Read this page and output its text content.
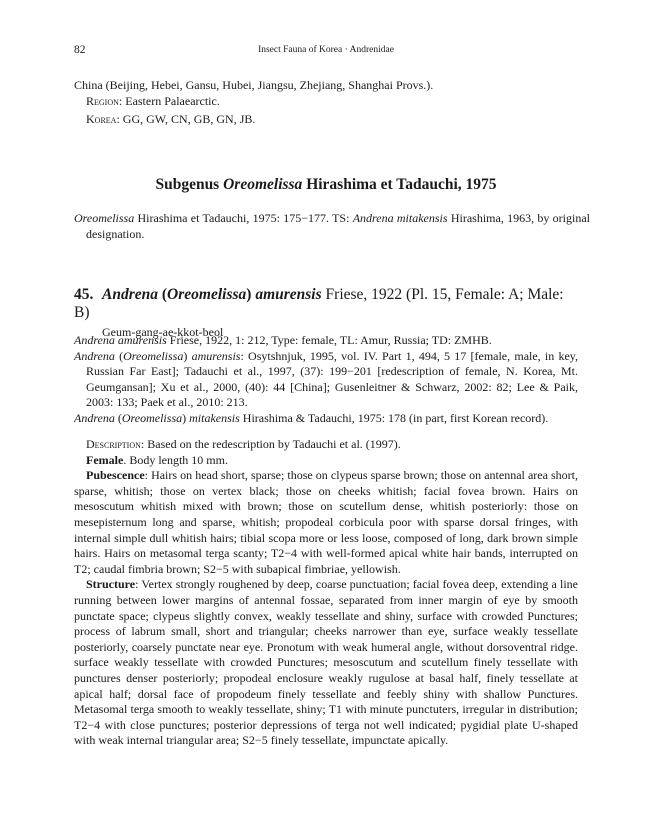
82	Insect Fauna of Korea · Andrenidae
China (Beijing, Hebei, Gansu, Hubei, Jiangsu, Zhejiang, Shanghai Provs.).
Region: Eastern Palaearctic.
Korea: GG, GW, CN, GB, GN, JB.
Subgenus Oreomelissa Hirashima et Tadauchi, 1975
Oreomelissa Hirashima et Tadauchi, 1975: 175−177. TS: Andrena mitakensis Hirashima, 1963, by original designation.
45. Andrena (Oreomelissa) amurensis Friese, 1922 (Pl. 15, Female: A; Male: B)
Geum-gang-ae-kkot-beol
Andrena amurensis Friese, 1922, 1: 212, Type: female, TL: Amur, Russia; TD: ZMHB.
Andrena (Oreomelissa) amurensis: Osytshnjuk, 1995, vol. IV. Part 1, 494, 5 17 [female, male, in key, Russian Far East]; Tadauchi et al., 1997, (37): 199−201 [redescription of female, N. Korea, Mt. Geumgansan]; Xu et al., 2000, (40): 44 [China]; Gusenleitner & Schwarz, 2002: 82; Lee & Paik, 2003: 133; Paek et al., 2010: 213.
Andrena (Oreomelissa) mitakensis Hirashima & Tadauchi, 1975: 178 (in part, first Korean record).
Description: Based on the redescription by Tadauchi et al. (1997).
Female. Body length 10 mm.
Pubescence: Hairs on head short, sparse; those on clypeus sparse brown; those on antennal area short, sparse, whitish; those on vertex black; those on cheeks whitish; facial fovea brown. Hairs on mesoscutum whitish mixed with brown; those on scutellum dense, whitish posteriorly: those on mesepisternum long and sparse, whitish; propodeal corbicula poor with sparse dorsal fringes, with internal simple dull whitish hairs; tibial scopa more or less loose, composed of long, dark brown simple hairs. Hairs on metasomal terga scanty; T2−4 with well-formed apical white hair bands, interrupted on T2; caudal fimbria brown; S2−5 with subapical fimbriae, yellowish.
Structure: Vertex strongly roughened by deep, coarse punctuation; facial fovea deep, extending a line running between lower margins of antennal fossae, separated from inner margin of eye by smooth punctate space; clypeus slightly convex, weakly tessellate and shiny, surface with crowded Punctures; process of labrum small, short and triangular; cheeks narrower than eye, surface weakly tessellate posteriorly, coarsely punctate near eye. Pronotum with weak humeral angle, without dorsoventral ridge. surface weakly tessellate with crowded Punctures; mesoscutum and scutellum finely tessellate with punctures denser posteriorly; propodeal enclosure weakly rugulose at basal half, finely tessellate at apical half; dorsal face of propodeum finely tessellate and feebly shiny with shallow Punctures. Metasomal terga smooth to weakly tessellate, shiny; T1 with minute punctuters, irregular in distribution; T2−4 with close punctures; posterior depressions of terga not well indicated; pygidial plate U-shaped with weak internal triangular area; S2−5 finely tessellate, impunctate apically.
